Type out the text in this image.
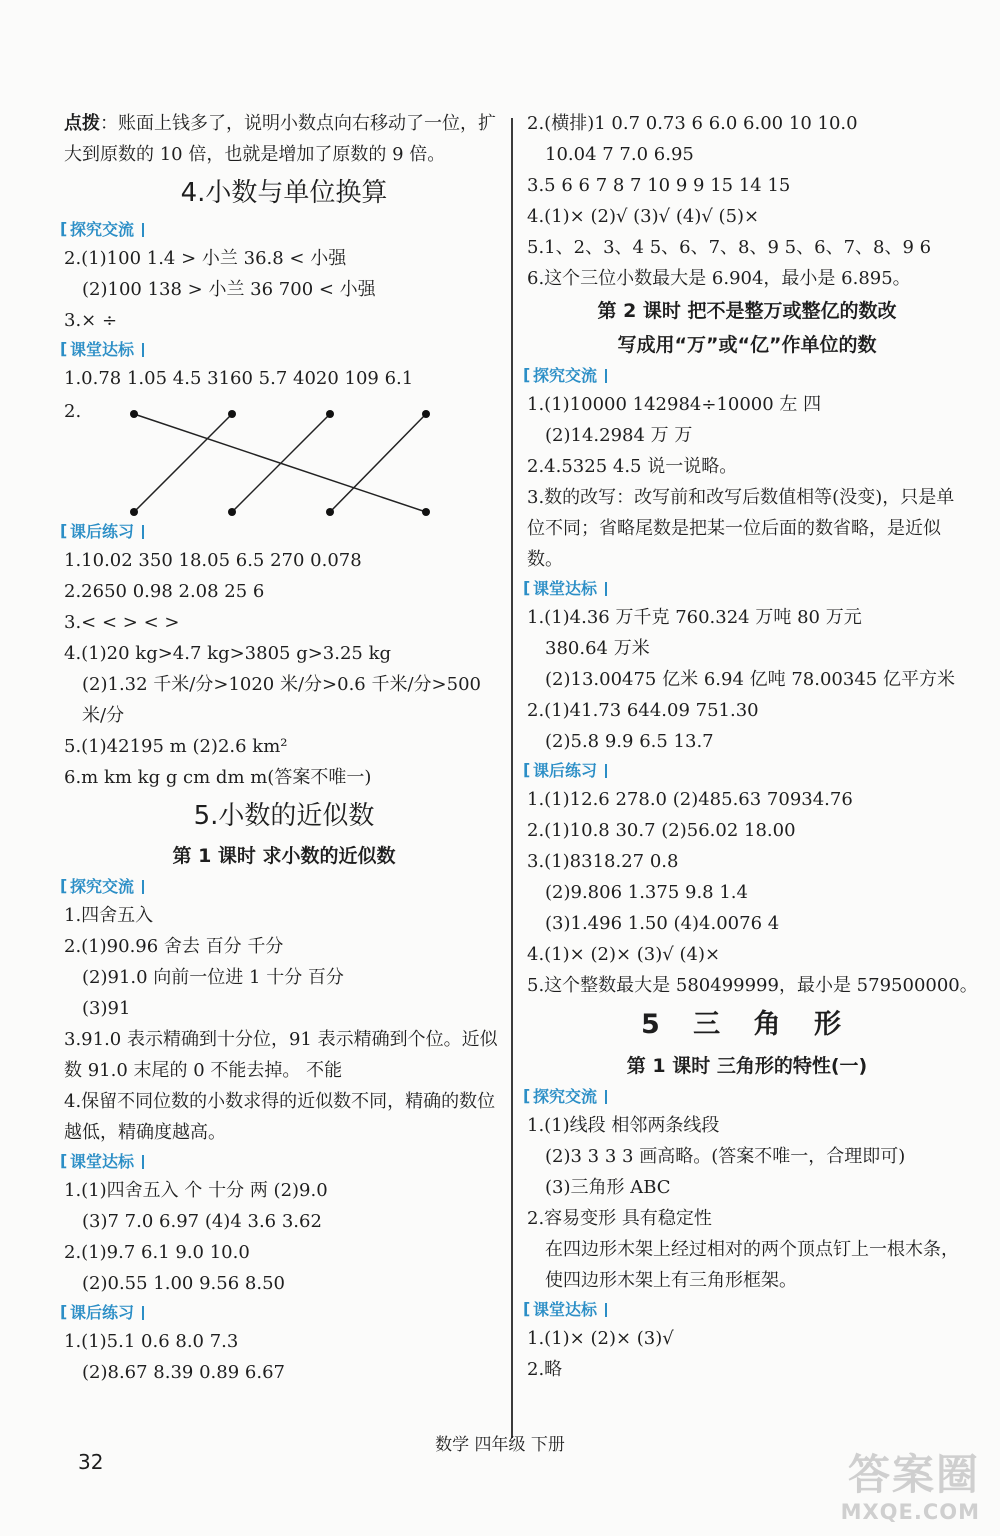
点拨：账面上钱多了，说明小数点向右移动了一位，扩大到原数的 10 倍，也就是增加了原数的 9 倍。
4.小数与单位换算
[ 探究交流
2.(1)100 1.4 > 小兰 36.8 < 小强
(2)100 138 > 小兰 36 700 < 小强
3.× ÷
[ 课堂达标
1.0.78 1.05 4.5 3160 5.7 4020 109 6.1
2.
[ 课后练习
1.10.02 350 18.05 6.5 270 0.078
2.2650 0.98 2.08 25 6
3.< < > < >
4.(1)20 kg>4.7 kg>3805 g>3.25 kg
(2)1.32 千米/分>1020 米/分>0.6 千米/分>500 米/分
5.(1)42195 m (2)2.6 km²
6.m km kg g cm dm m(答案不唯一)
5.小数的近似数
第 1 课时 求小数的近似数
[ 探究交流
1.四舍五入
2.(1)90.96 舍去 百分 千分
(2)91.0 向前一位进 1 十分 百分
(3)91
3.91.0 表示精确到十分位，91 表示精确到个位。近似数 91.0 末尾的 0 不能去掉。 不能
4.保留不同位数的小数求得的近似数不同，精确的数位越低，精确度越高。
[ 课堂达标
1.(1)四舍五入 个 十分 两 (2)9.0
(3)7 7.0 6.97 (4)4 3.6 3.62
2.(1)9.7 6.1 9.0 10.0
(2)0.55 1.00 9.56 8.50
[ 课后练习
1.(1)5.1 0.6 8.0 7.3
(2)8.67 8.39 0.89 6.67
2.(横排)1 0.7 0.73 6 6.0 6.00 10 10.0
10.04 7 7.0 6.95
3.5 6 6 7 8 7 10 9 9 15 14 15
4.(1)× (2)√ (3)√ (4)√ (5)×
5.1、2、3、4 5、6、7、8、9 5、6、7、8、9 6
6.这个三位小数最大是 6.904，最小是 6.895。
第 2 课时 把不是整万或整亿的数改
写成用“万”或“亿”作单位的数
[ 探究交流
1.(1)10000 142984÷10000 左 四
(2)14.2984 万 万
2.4.5325 4.5 说一说略。
3.数的改写：改写前和改写后数值相等(没变)，只是单位不同；省略尾数是把某一位后面的数省略，是近似数。
[ 课堂达标
1.(1)4.36 万千克 760.324 万吨 80 万元
380.64 万米
(2)13.00475 亿米 6.94 亿吨 78.00345 亿平方米
2.(1)41.73 644.09 751.30
(2)5.8 9.9 6.5 13.7
[ 课后练习
1.(1)12.6 278.0 (2)485.63 70934.76
2.(1)10.8 30.7 (2)56.02 18.00
3.(1)8318.27 0.8
(2)9.806 1.375 9.8 1.4
(3)1.496 1.50 (4)4.0076 4
4.(1)× (2)× (3)√ (4)×
5.这个整数最大是 580499999，最小是 579500000。
5 三 角 形
第 1 课时 三角形的特性(一)
[ 探究交流
1.(1)线段 相邻两条线段
(2)3 3 3 3 画高略。(答案不唯一，合理即可)
(3)三角形 ABC
2.容易变形 具有稳定性
在四边形木架上经过相对的两个顶点钉上一根木条，使四边形木架上有三角形框架。
[ 课堂达标
1.(1)× (2)× (3)√
2.略
数学 四年级 下册
32	答案圈
MXQE.COM
